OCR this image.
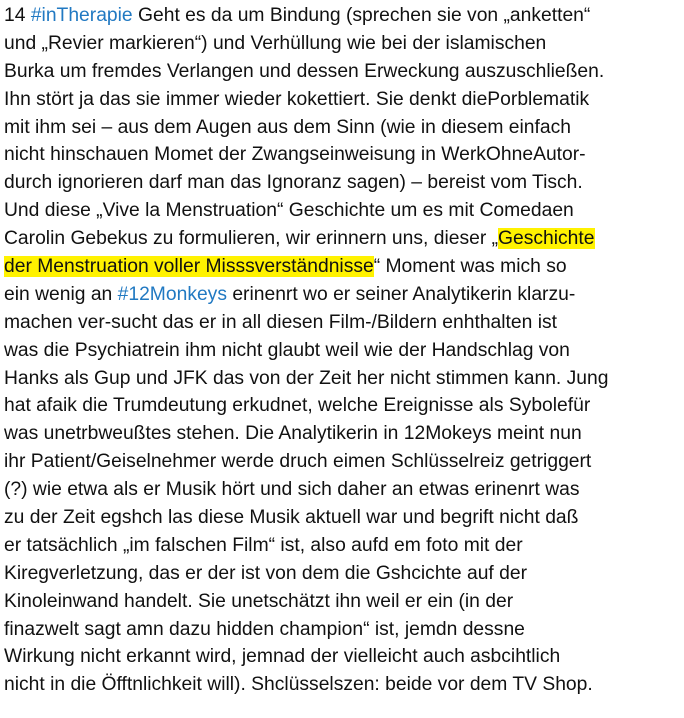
14 #inTherapie Geht es da um Bindung (sprechen sie von „anketten“
und „Revier markieren“) und Verhüllung wie bei der islamischen
Burka um fremdes Verlangen und dessen Erweckung auszuschließen.
Ihn stört ja das sie immer wieder kokettiert. Sie denkt diePorblematik
mit ihm sei – aus dem Augen aus dem Sinn (wie in diesem einfach
nicht hinschauen Momet der Zwangseinweisung in WerkOhneAutor-
durch ignorieren darf man das Ignoranz sagen) – bereist vom Tisch.
Und diese „Vive la Menstruation“ Geschichte um es mit Comedaen
Carolin Gebekus zu formulieren, wir erinnern uns, dieser „Geschichte
der Menstruation voller Misssverständnisse“ Moment was mich so
ein wenig an #12Monkeys erinenrt wo er seiner Analytikerin klarzu-
machen ver-sucht das er in all diesen Film-/Bildern enhthalten ist
was die Psychiatrein ihm nicht glaubt weil wie der Handschlag von
Hanks als Gup und JFK das von der Zeit her nicht stimmen kann. Jung
hat afaik die Trumdeutung erkudnet, welche Ereignisse als Sybolefür
was unetrbweußtes stehen. Die Analytikerin in 12Mokeys meint nun
ihr Patient/Geiselnehmer werde druch eimen Schlüsselreiz getriggert
(?) wie etwa als er Musik hört und sich daher an etwas erinenrt was
zu der Zeit egshch las diese Musik aktuell war und begrift nicht daß
er tatsächlich „im falschen Film“ ist, also aufd em foto mit der
Kiregverletzung, das er der ist von dem die Gshcichte auf der
Kinoleinwand handelt. Sie unetschätzt ihn weil er ein (in der
finazwelt sagt amn dazu hidden champion“ ist, jemdn dessne
Wirkung nicht erkannt wird, jemnad der vielleicht auch asbcihtlich
nicht in die Öfftnlichkeit will). Shclüsselszen: beide vor dem TV Shop.
